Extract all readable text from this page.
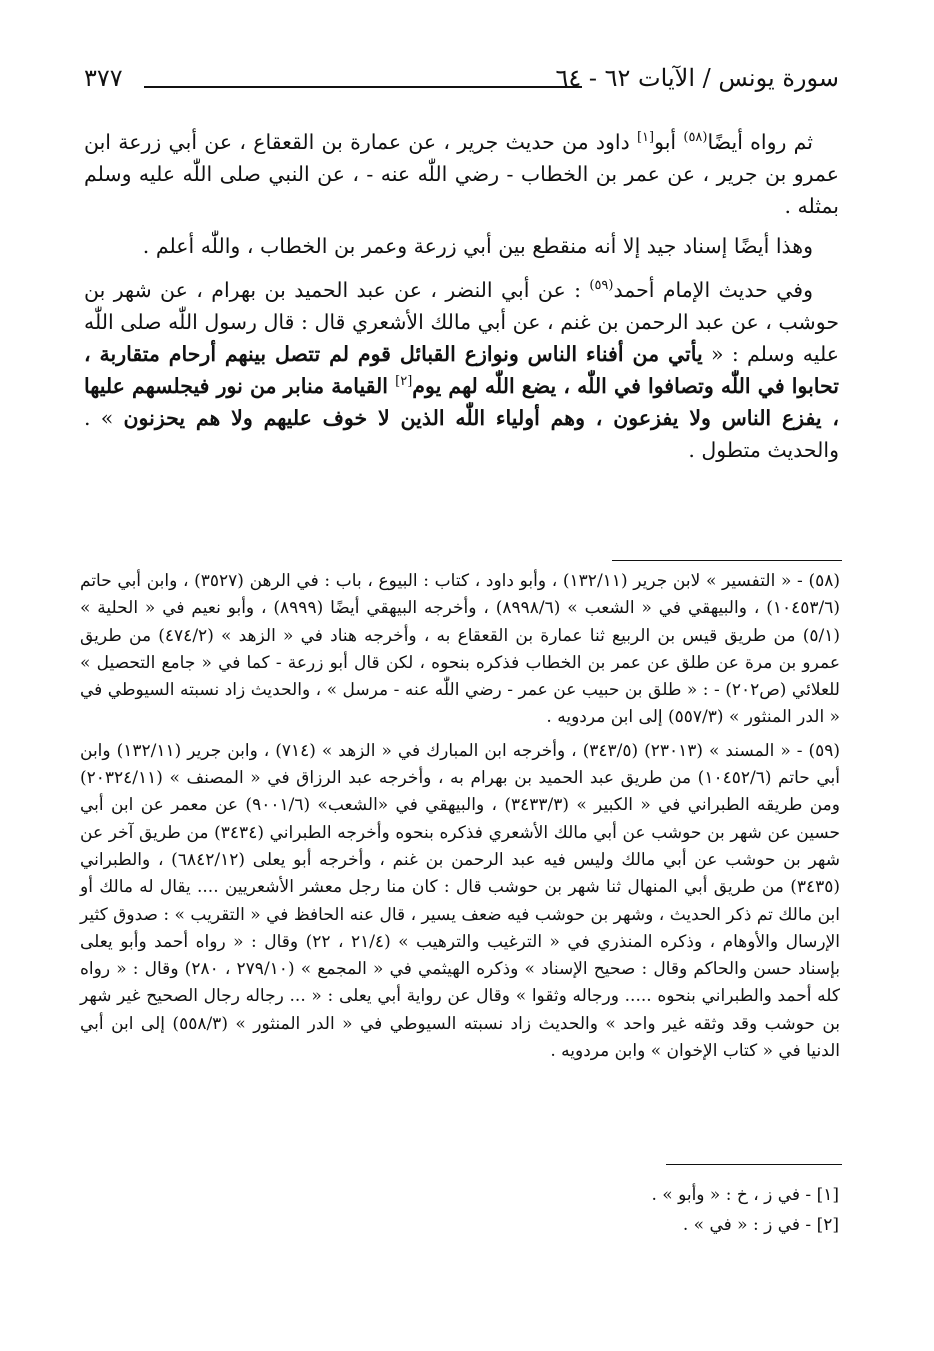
٣٧٧	سورة يونس / الآيات ٦٢ - ٦٤

ثم رواه أيضًا$^{(٥٨)}$ أبو[١] داود من حديث جرير ، عن عمارة بن القعقاع ، عن أبي زرعة ابن عمرو بن جرير ، عن عمر بن الخطاب - رضي اللّٰه عنه - ، عن النبي صلى اللّٰه عليه وسلم بمثله .

وهذا أيضًا إسناد جيد إلا أنه منقطع بين أبي زرعة وعمر بن الخطاب ، واللّٰه أعلم .

وفي حديث الإمام أحمد$^{(٥٩)}$ : عن أبي النضر ، عن عبد الحميد بن بهرام ، عن شهر بن حوشب ، عن عبد الرحمن بن غنم ، عن أبي مالك الأشعري قال : قال رسول اللّٰه صلى اللّٰه عليه وسلم : « يأتي من أفناء الناس ونوازع القبائل قوم لم تتصل بينهم أرحام متقاربة ، تحابوا في اللّٰه وتصافوا في اللّٰه ، يضع اللّٰه لهم يوم[٢] القيامة منابر من نور فيجلسهم عليها ، يفزع الناس ولا يفزعون ، وهم أولياء اللّٰه الذين لا خوف عليهم ولا هم يحزنون » . والحديث متطول .

(٥٨) - « التفسير » لابن جرير (١٣٢/١١) ، وأبو داود ، كتاب : البيوع ، باب : في الرهن (٣٥٢٧) ، وابن أبي حاتم (١٠٤٥٣/٦) ، والبيهقي في « الشعب » (٨٩٩٨/٦) ، وأخرجه البيهقي أيضًا (٨٩٩٩) ، وأبو نعيم في « الحلية » (٥/١) من طريق قيس بن الربيع ثنا عمارة بن القعقاع به ، وأخرجه هناد في « الزهد » (٤٧٤/٢) من طريق عمرو بن مرة عن طلق عن عمر بن الخطاب فذكره بنحوه ، لكن قال أبو زرعة - كما في « جامع التحصيل » للعلائي (ص٢٠٢) - : « طلق بن حبيب عن عمر - رضي اللّٰه عنه - مرسل » ، والحديث زاد نسبته السيوطي في « الدر المنثور » (٥٥٧/٣) إلى ابن مردويه .

(٥٩) - « المسند » (٢٣٠١٣) (٣٤٣/٥) ، وأخرجه ابن المبارك في « الزهد » (٧١٤) ، وابن جرير (١٣٢/١١) وابن أبي حاتم (١٠٤٥٢/٦) من طريق عبد الحميد بن بهرام به ، وأخرجه عبد الرزاق في « المصنف » (٢٠٣٢٤/١١) ومن طريقه الطبراني في « الكبير » (٣٤٣٣/٣) ، والبيهقي في «الشعب» (٩٠٠١/٦) عن معمر عن ابن أبي حسين عن شهر بن حوشب عن أبي مالك الأشعري فذكره بنحوه وأخرجه الطبراني (٣٤٣٤) من طريق آخر عن شهر بن حوشب عن أبي مالك وليس فيه عبد الرحمن بن غنم ، وأخرجه أبو يعلى (٦٨٤٢/١٢) ، والطبراني (٣٤٣٥) من طريق أبي المنهال ثنا شهر بن حوشب قال : كان منا رجل معشر الأشعريين .... يقال له مالك أو ابن مالك تم ذكر الحديث ، وشهر بن حوشب فيه ضعف يسير ، قال عنه الحافظ في « التقريب » : صدوق كثير الإرسال والأوهام ، وذكره المنذري في « الترغيب والترهيب » (٢١/٤ ، ٢٢) وقال : « رواه أحمد وأبو يعلى بإسناد حسن والحاكم وقال : صحيح الإسناد » وذكره الهيثمي في « المجمع » (٢٧٩/١٠ ، ٢٨٠) وقال : « رواه كله أحمد والطبراني بنحوه ..... ورجاله وثقوا » وقال عن رواية أبي يعلى : « ... رجاله رجال الصحيح غير شهر بن حوشب وقد وثقه غير واحد » والحديث زاد نسبته السيوطي في « الدر المنثور » (٥٥٨/٣) إلى ابن أبي الدنيا في « كتاب الإخوان » وابن مردويه .

[١] - في ز ، خ : « وأبو » .

[٢] - في ز : « في » .
